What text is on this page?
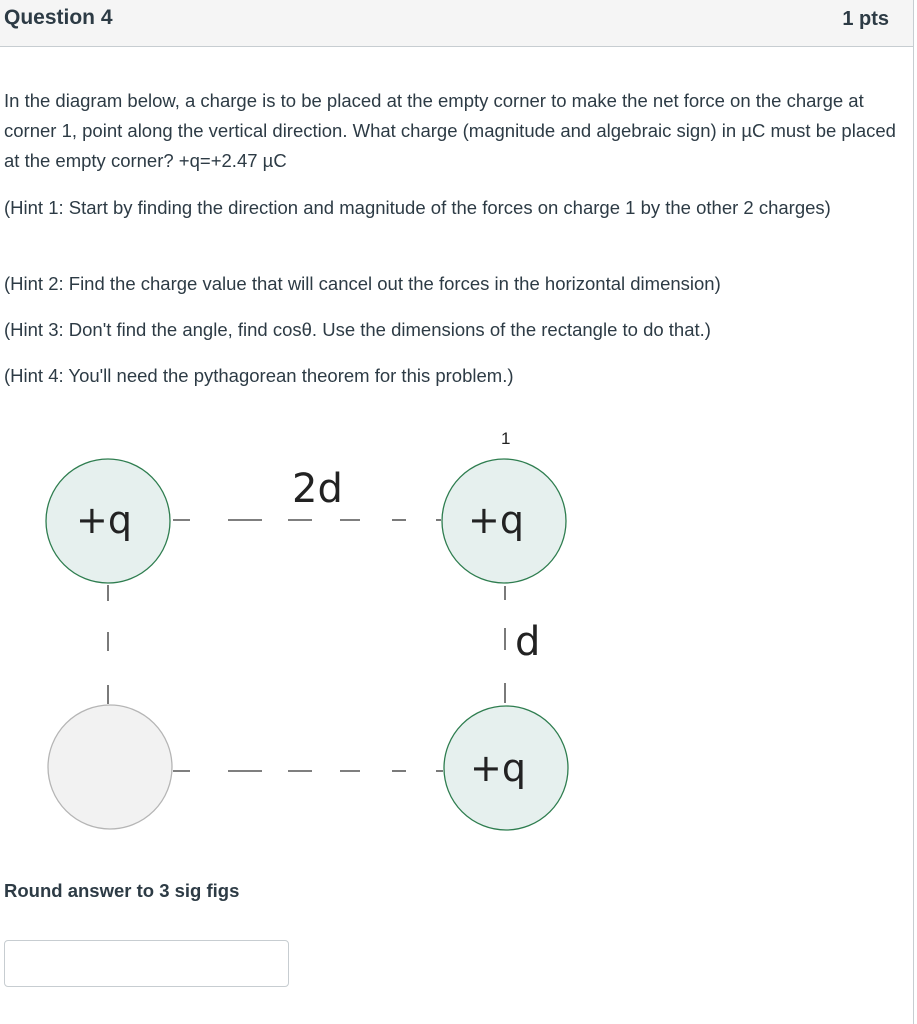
Question 4	1 pts

In the diagram below, a charge is to be placed at the empty corner to make the net force on the charge at corner 1, point along the vertical direction. What charge (magnitude and algebraic sign) in µC must be placed at the empty corner? +q=+2.47 µC

(Hint 1: Start by finding the direction and magnitude of the forces on charge 1 by the other 2 charges)

(Hint 2: Find the charge value that will cancel out the forces in the horizontal dimension)

(Hint 3: Don't find the angle, find cosθ. Use the dimensions of the rectangle to do that.)

(Hint 4: You'll need the pythagorean theorem for this problem.)

1
2d
d
+q	+q
+q
Round answer to 3 sig figs
